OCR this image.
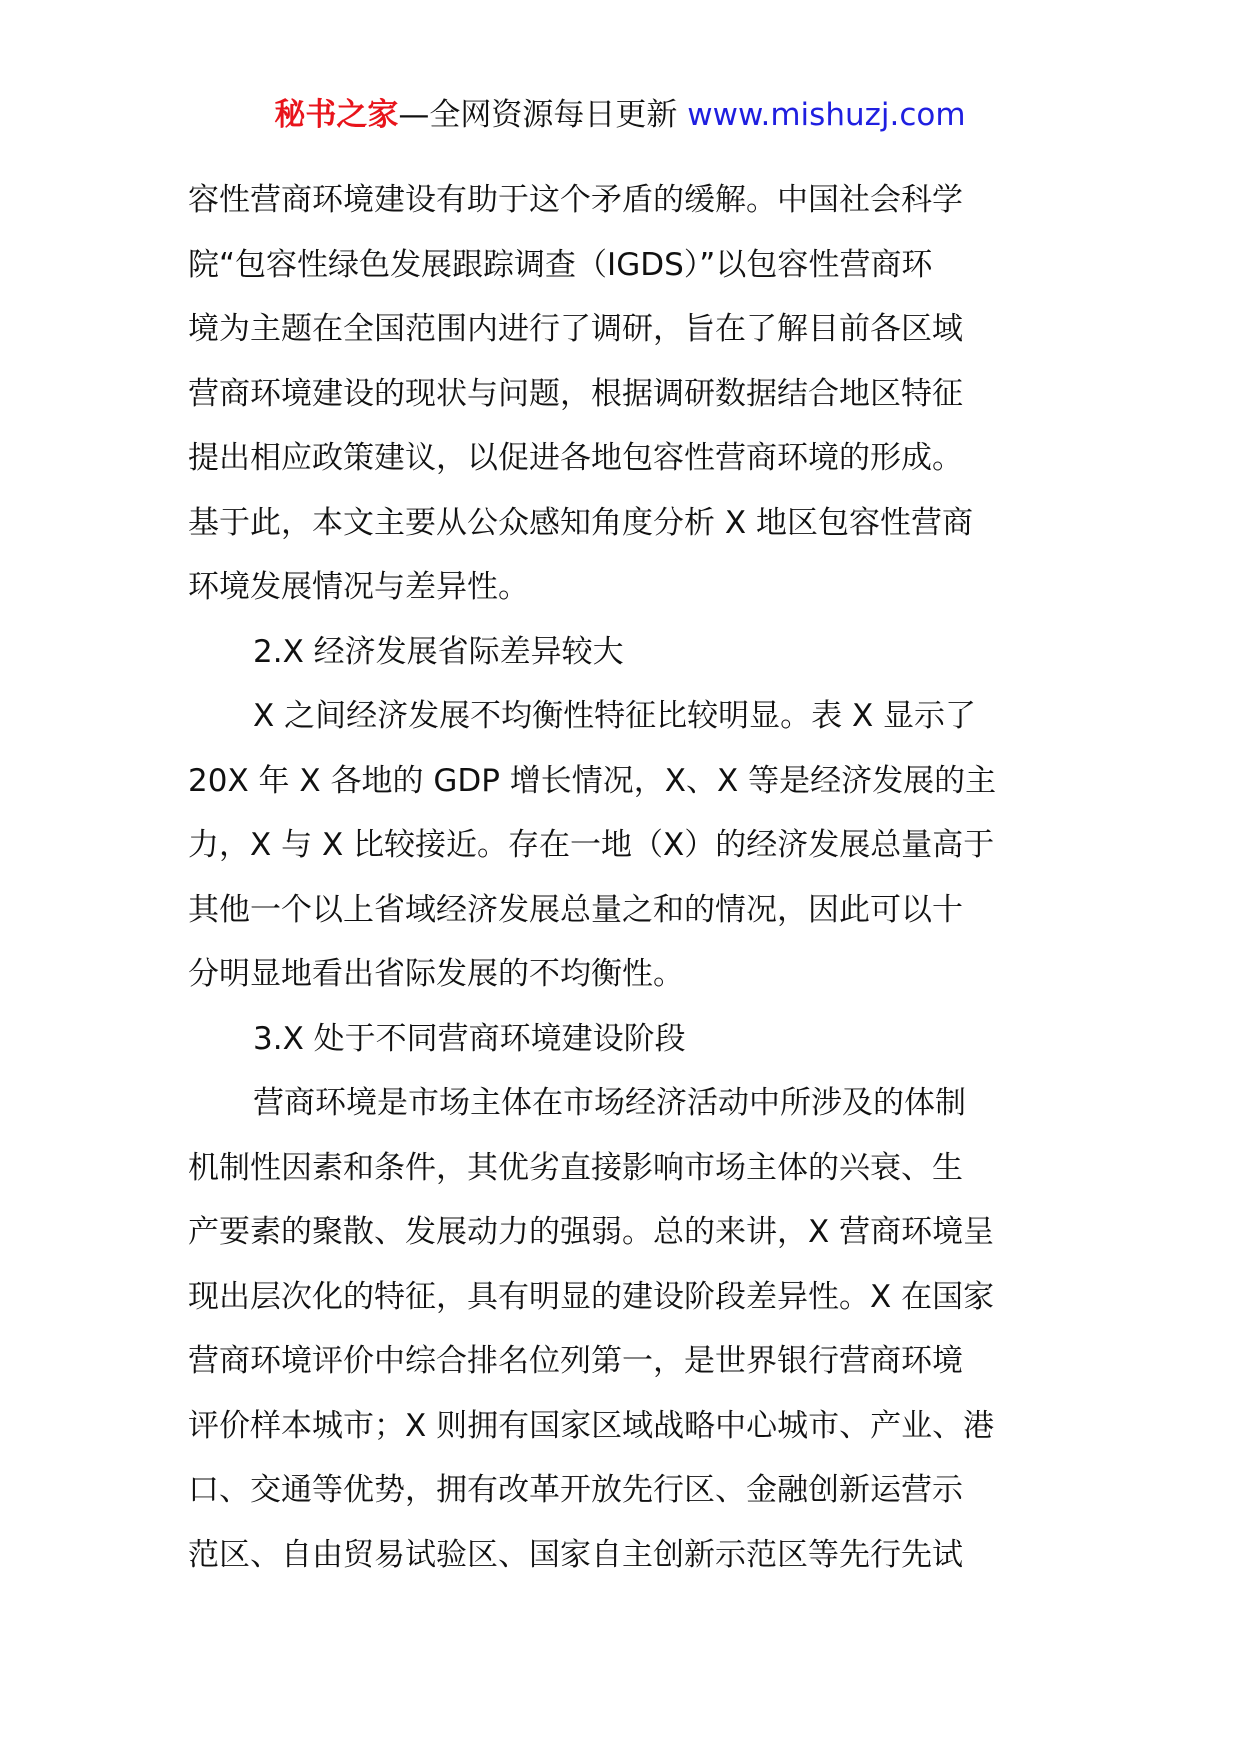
秘书之家—全网资源每日更新 www.mishuzj.com
容性营商环境建设有助于这个矛盾的缓解。中国社会科学
院“包容性绿色发展跟踪调查（IGDS）”以包容性营商环
境为主题在全国范围内进行了调研，旨在了解目前各区域
营商环境建设的现状与问题，根据调研数据结合地区特征
提出相应政策建议，以促进各地包容性营商环境的形成。
基于此，本文主要从公众感知角度分析 X 地区包容性营商
环境发展情况与差异性。
2.X 经济发展省际差异较大
X 之间经济发展不均衡性特征比较明显。表 X 显示了
20X 年 X 各地的 GDP 增长情况，X、X 等是经济发展的主
力，X 与 X 比较接近。存在一地（X）的经济发展总量高于
其他一个以上省域经济发展总量之和的情况，因此可以十
分明显地看出省际发展的不均衡性。
3.X 处于不同营商环境建设阶段
营商环境是市场主体在市场经济活动中所涉及的体制
机制性因素和条件，其优劣直接影响市场主体的兴衰、生
产要素的聚散、发展动力的强弱。总的来讲，X 营商环境呈
现出层次化的特征，具有明显的建设阶段差异性。X 在国家
营商环境评价中综合排名位列第一，是世界银行营商环境
评价样本城市；X 则拥有国家区域战略中心城市、产业、港
口、交通等优势，拥有改革开放先行区、金融创新运营示
范区、自由贸易试验区、国家自主创新示范区等先行先试
